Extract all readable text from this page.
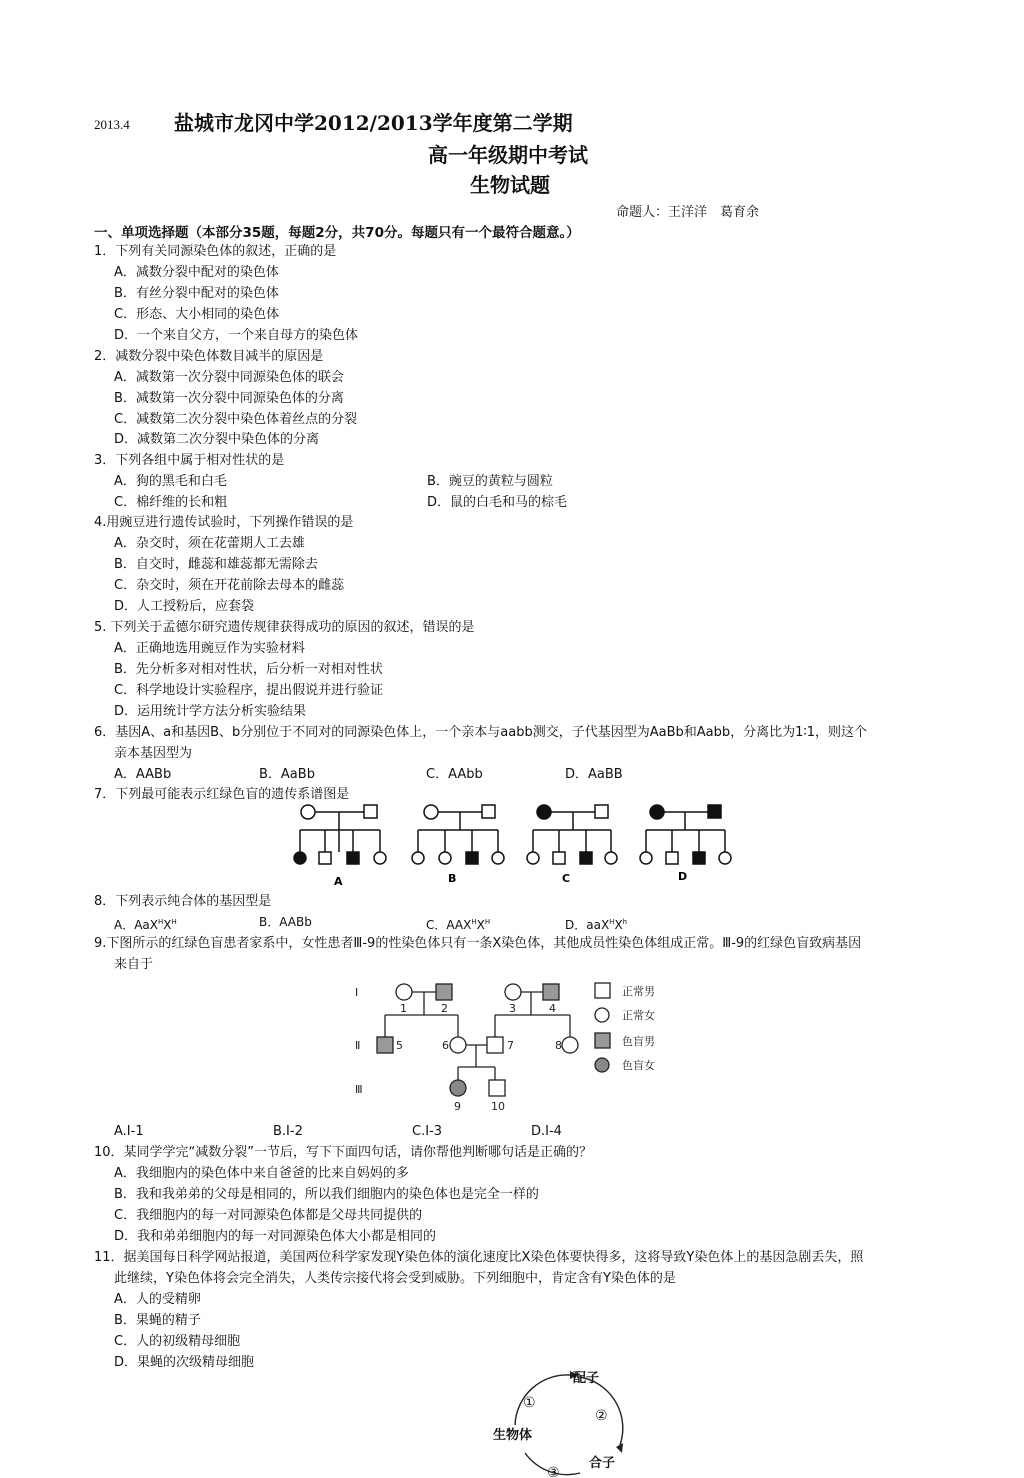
2013.4 盐城市龙冈中学2012/2013学年度第二学期
高一年级期中考试
生物试题
命题人：王洋洋　葛育余
一、单项选择题（本部分35题，每题2分，共70分。每题只有一个最符合题意。）
1．下列有关同源染色体的叙述，正确的是
A．减数分裂中配对的染色体
B．有丝分裂中配对的染色体
C．形态、大小相同的染色体
D．一个来自父方，一个来自母方的染色体
2．减数分裂中染色体数目减半的原因是
A．减数第一次分裂中同源染色体的联会
B．减数第一次分裂中同源染色体的分离
C．减数第二次分裂中染色体着丝点的分裂
D．减数第二次分裂中染色体的分离
3．下列各组中属于相对性状的是
A．狗的黑毛和白毛	B．豌豆的黄粒与圆粒
C．棉纤维的长和粗	D．鼠的白毛和马的棕毛
4.用豌豆进行遗传试验时，下列操作错误的是
A．杂交时，须在花蕾期人工去雄
B．自交时，雌蕊和雄蕊都无需除去
C．杂交时，须在开花前除去母本的雌蕊
D．人工授粉后，应套袋
5. 下列关于孟德尔研究遗传规律获得成功的原因的叙述，错误的是
A．正确地选用豌豆作为实验材料
B．先分析多对相对性状，后分析一对相对性状
C．科学地设计实验程序，提出假说并进行验证
D．运用统计学方法分析实验结果
6．基因A、a和基因B、b分别位于不同对的同源染色体上，一个亲本与aabb测交，子代基因型为AaBb和Aabb，分离比为1∶1，则这个
亲本基因型为
A．AABb	B．AaBb	C．AAbb	D．AaBB
7．下列最可能表示红绿色盲的遗传系谱图是
A	B	C	D
8．下列表示纯合体的基因型是
A．$AaX^HX^H$	B．AABb	C．$AAX^HX^H$	D．$aaX^HX^h$
9.下图所示的红绿色盲患者家系中，女性患者Ⅲ-9的性染色体只有一条X染色体，其他成员性染色体组成正常。Ⅲ-9的红绿色盲致病基因
来自于
Ⅰ
Ⅱ
Ⅲ
1	2	3	4
5	6	7	8
9	10
正常男
正常女
色盲男
色盲女
A.Ⅰ-1	B.Ⅰ-2	C.Ⅰ-3	D.Ⅰ-4
10．某同学学完“减数分裂”一节后，写下下面四句话，请你帮他判断哪句话是正确的？
A．我细胞内的染色体中来自爸爸的比来自妈妈的多
B．我和我弟弟的父母是相同的，所以我们细胞内的染色体也是完全一样的
C．我细胞内的每一对同源染色体都是父母共同提供的
D．我和弟弟细胞内的每一对同源染色体大小都是相同的
11．据美国每日科学网站报道，美国两位科学家发现Y染色体的演化速度比X染色体要快得多，这将导致Y染色体上的基因急剧丢失，照
此继续，Y染色体将会完全消失，人类传宗接代将会受到威胁。下列细胞中，肯定含有Y染色体的是
A．人的受精卵
B．果蝇的精子
C．人的初级精母细胞
D．果蝇的次级精母细胞
配子
生物体
合子
①
②
③
